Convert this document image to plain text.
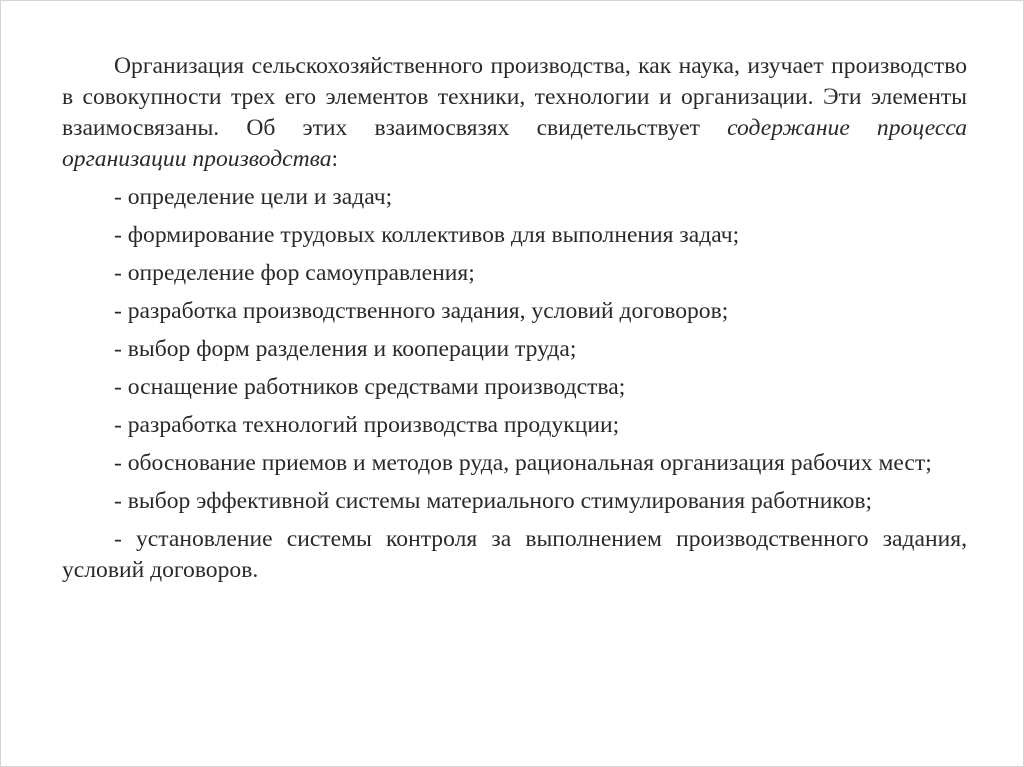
Организация сельскохозяйственного производства, как наука, изучает производство в совокупности трех его элементов техники, технологии и организации. Эти элементы взаимосвязаны. Об этих взаимосвязях свидетельствует содержание процесса организации производства:

- определение цели и задач;

- формирование трудовых коллективов для выполнения задач;

- определение фор самоуправления;

- разработка производственного задания, условий договоров;

- выбор форм разделения и кооперации труда;

- оснащение работников средствами производства;

- разработка технологий производства продукции;

- обоснование приемов и методов руда, рациональная организация рабочих мест;

- выбор эффективной системы материального стимулирования работников;

- установление системы контроля за выполнением производственного задания, условий договоров.
